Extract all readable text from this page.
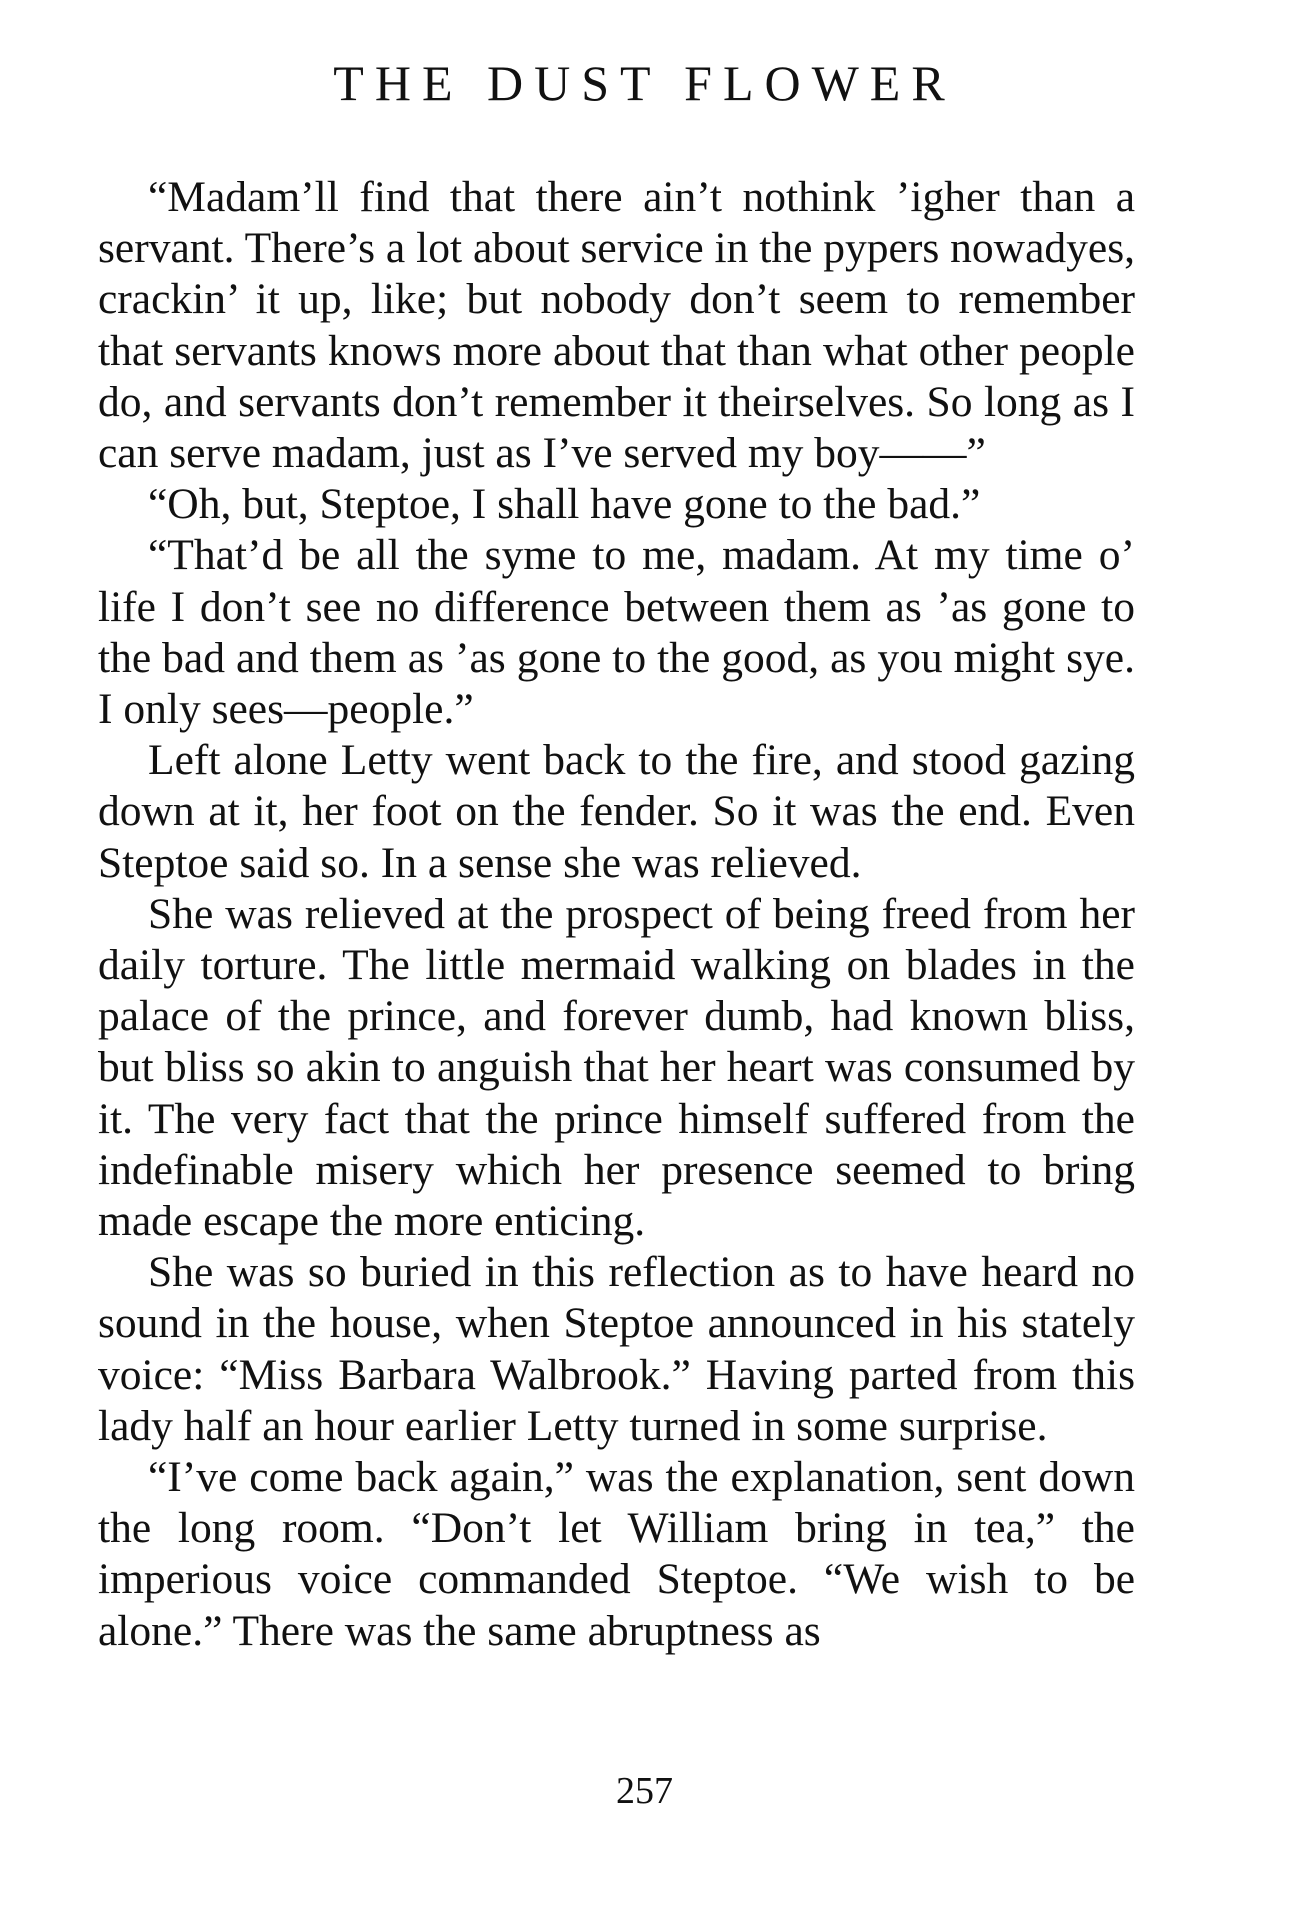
THE DUST FLOWER

“Madam’ll find that there ain’t nothink ’igher than a servant. There’s a lot about service in the pypers nowadyes, crackin’ it up, like; but nobody don’t seem to remember that servants knows more about that than what other people do, and servants don’t remember it theirselves. So long as I can serve madam, just as I’ve served my boy——”

“Oh, but, Steptoe, I shall have gone to the bad.”

“That’d be all the syme to me, madam. At my time o’ life I don’t see no difference between them as ’as gone to the bad and them as ’as gone to the good, as you might sye. I only sees—people.”

Left alone Letty went back to the fire, and stood gazing down at it, her foot on the fender. So it was the end. Even Steptoe said so. In a sense she was relieved.

She was relieved at the prospect of being freed from her daily torture. The little mermaid walking on blades in the palace of the prince, and forever dumb, had known bliss, but bliss so akin to anguish that her heart was consumed by it. The very fact that the prince himself suffered from the indefinable misery which her presence seemed to bring made escape the more enticing.

She was so buried in this reflection as to have heard no sound in the house, when Steptoe announced in his stately voice: “Miss Barbara Walbrook.” Having parted from this lady half an hour earlier Letty turned in some surprise.

“I’ve come back again,” was the explanation, sent down the long room. “Don’t let William bring in tea,” the imperious voice commanded Steptoe. “We wish to be alone.” There was the same abruptness as

257
